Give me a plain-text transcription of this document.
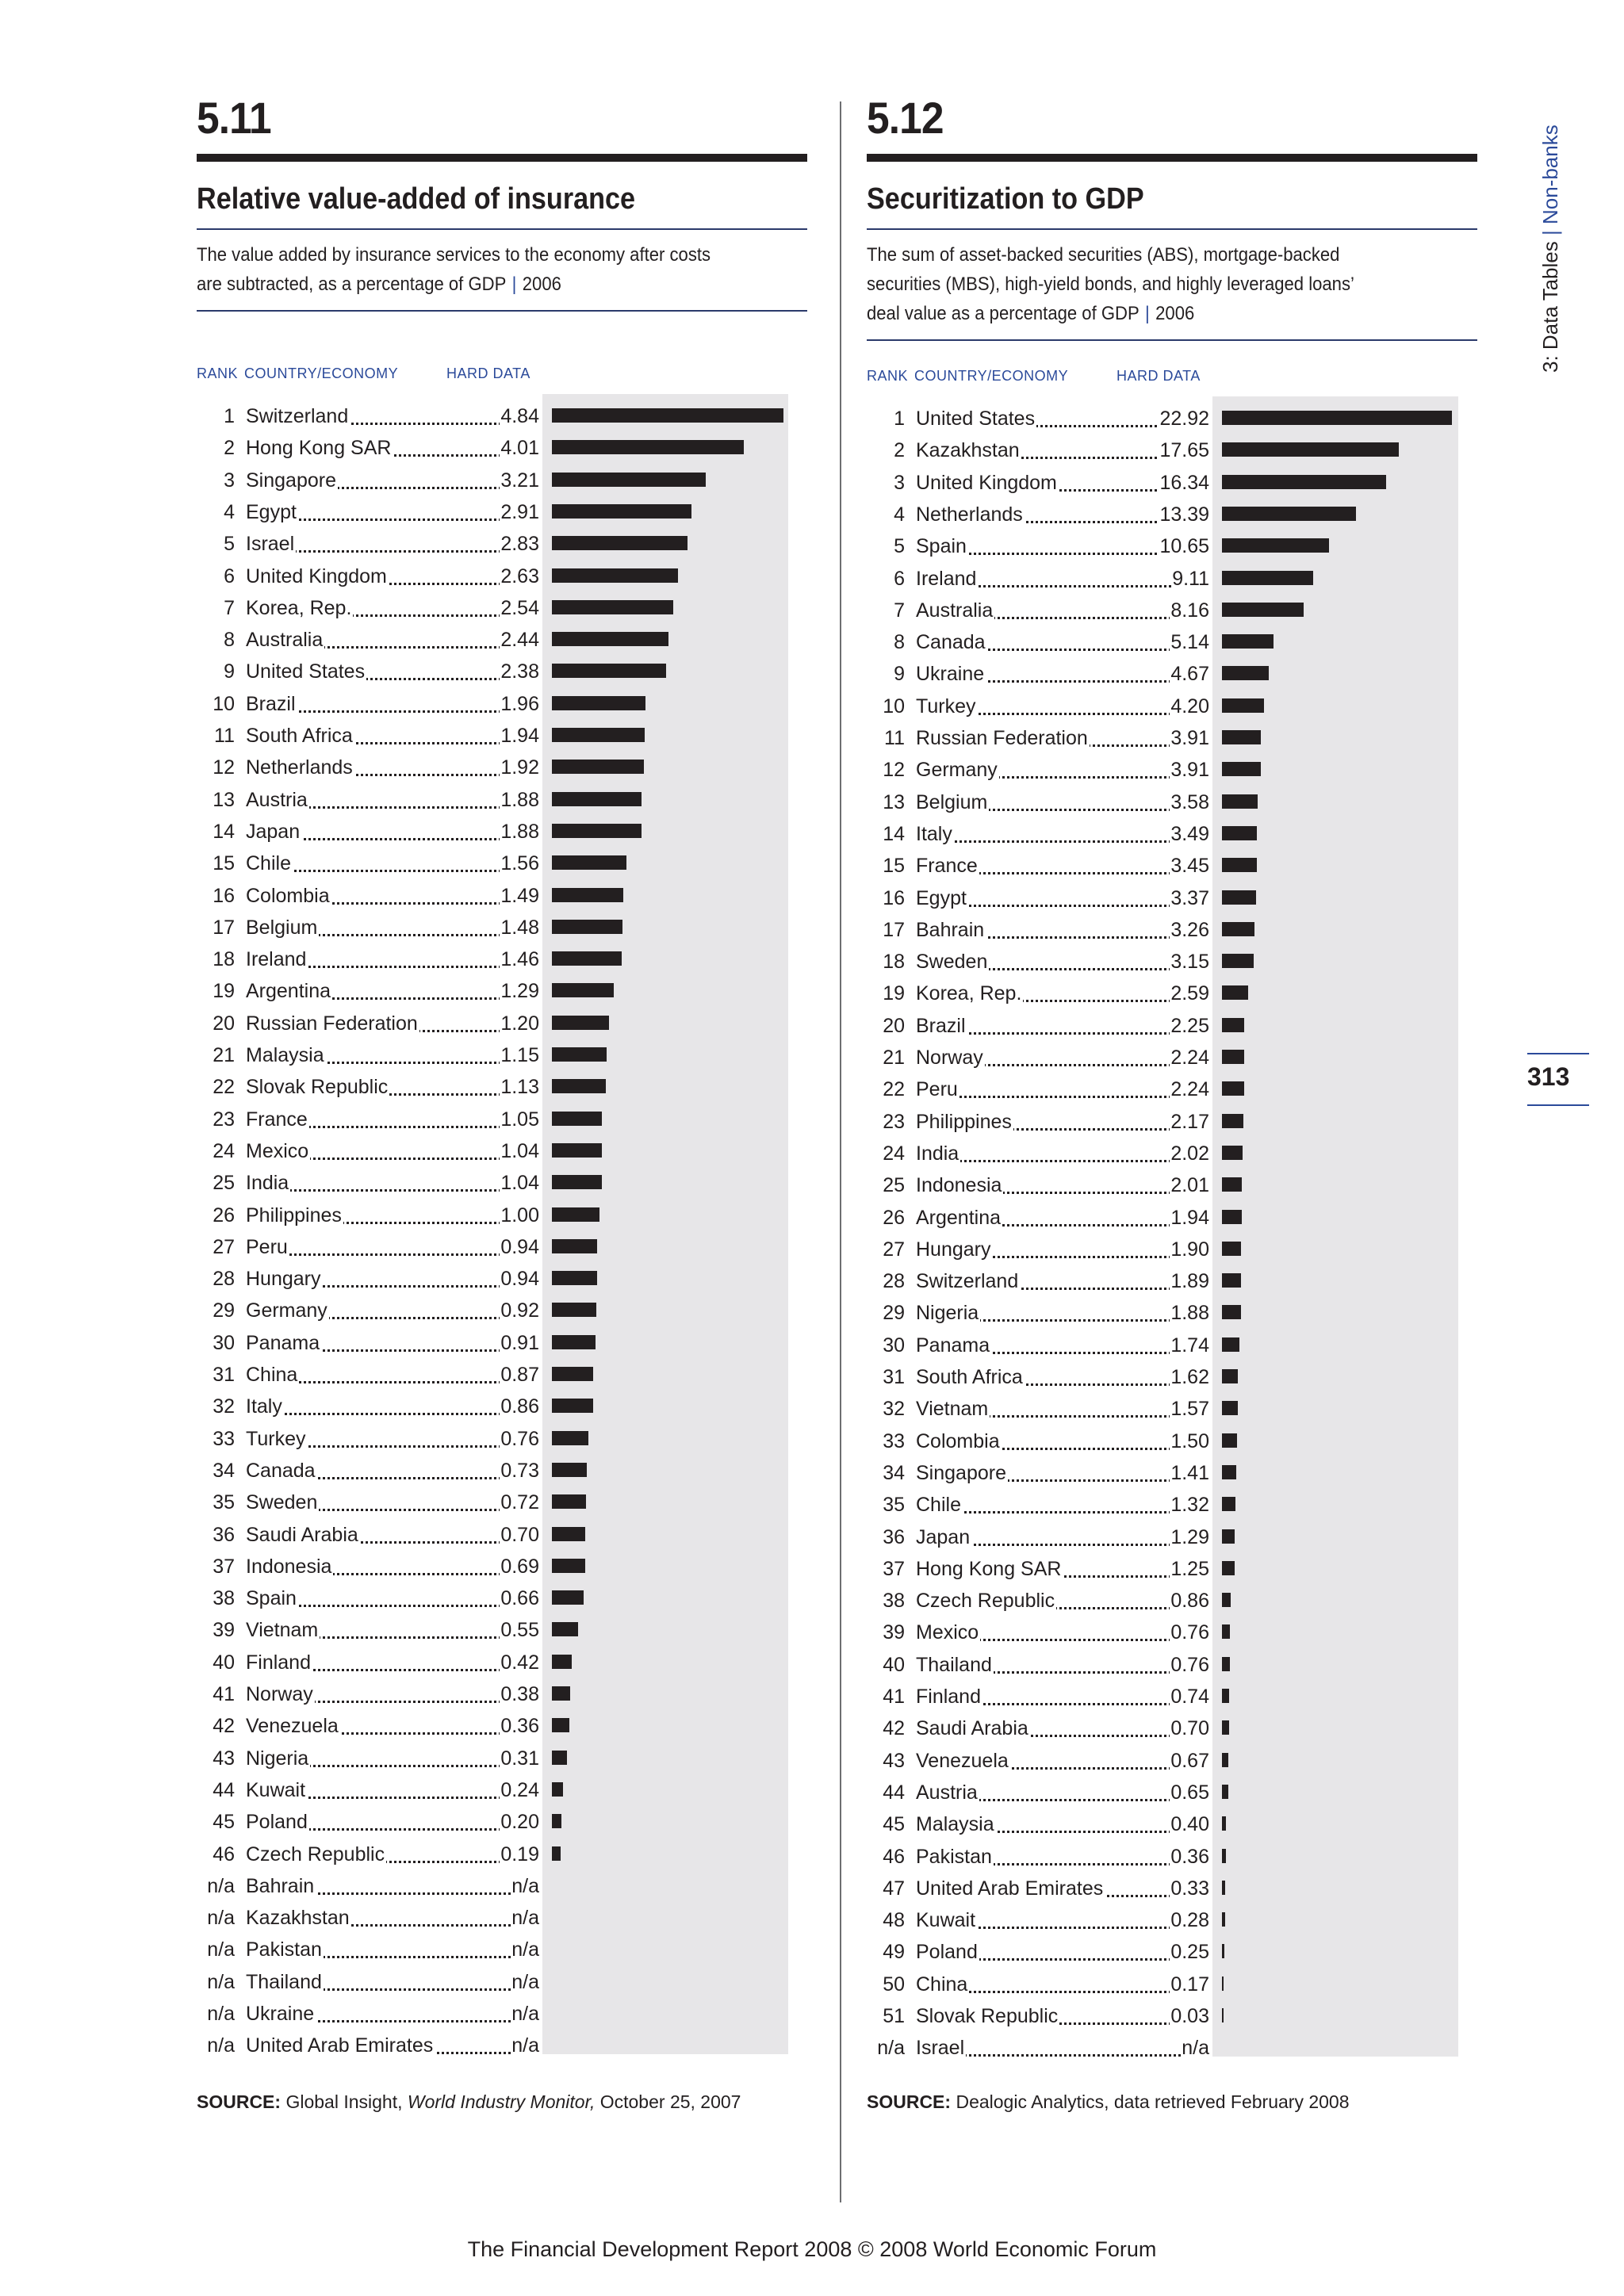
5.11
Relative value-added of insurance
The value added by insurance services to the economy after costs
are subtracted, as a percentage of GDP | 2006
RANK COUNTRY/ECONOMY	HARD DATA
1 Switzerland	4.84
2 Hong Kong SAR	4.01
3 Singapore	3.21
4 Egypt	2.91
5 Israel	2.83
6 United Kingdom	2.63
7 Korea, Rep.	2.54
8 Australia	2.44
9 United States	2.38
10 Brazil	1.96
11 South Africa	1.94
12 Netherlands	1.92
13 Austria	1.88
14 Japan	1.88
15 Chile	1.56
16 Colombia	1.49
17 Belgium	1.48
18 Ireland	1.46
19 Argentina	1.29
20 Russian Federation	1.20
21 Malaysia	1.15
22 Slovak Republic	1.13
23 France	1.05
24 Mexico	1.04
25 India	1.04
26 Philippines	1.00
27 Peru	0.94
28 Hungary	0.94
29 Germany	0.92
30 Panama	0.91
31 China	0.87
32 Italy	0.86
33 Turkey	0.76
34 Canada	0.73
35 Sweden	0.72
36 Saudi Arabia	0.70
37 Indonesia	0.69
38 Spain	0.66
39 Vietnam	0.55
40 Finland	0.42
41 Norway	0.38
42 Venezuela	0.36
43 Nigeria	0.31
44 Kuwait	0.24
45 Poland	0.20
46 Czech Republic	0.19
n/a Bahrain	n/a
n/a Kazakhstan	n/a
n/a Pakistan	n/a
n/a Thailand	n/a
n/a Ukraine	n/a
n/a United Arab Emirates	n/a
SOURCE: Global Insight, World Industry Monitor, October 25, 2007
5.12
Securitization to GDP
The sum of asset-backed securities (ABS), mortgage-backed
securities (MBS), high-yield bonds, and highly leveraged loans’
deal value as a percentage of GDP | 2006
RANK COUNTRY/ECONOMY	HARD DATA
1 United States	22.92
2 Kazakhstan	17.65
3 United Kingdom	16.34
4 Netherlands	13.39
5 Spain	10.65
6 Ireland	9.11
7 Australia	8.16
8 Canada	5.14
9 Ukraine	4.67
10 Turkey	4.20
11 Russian Federation	3.91
12 Germany	3.91
13 Belgium	3.58
14 Italy	3.49
15 France	3.45
16 Egypt	3.37
17 Bahrain	3.26
18 Sweden	3.15
19 Korea, Rep.	2.59
20 Brazil	2.25
21 Norway	2.24
22 Peru	2.24
23 Philippines	2.17
24 India	2.02
25 Indonesia	2.01
26 Argentina	1.94
27 Hungary	1.90
28 Switzerland	1.89
29 Nigeria	1.88
30 Panama	1.74
31 South Africa	1.62
32 Vietnam	1.57
33 Colombia	1.50
34 Singapore	1.41
35 Chile	1.32
36 Japan	1.29
37 Hong Kong SAR	1.25
38 Czech Republic	0.86
39 Mexico	0.76
40 Thailand	0.76
41 Finland	0.74
42 Saudi Arabia	0.70
43 Venezuela	0.67
44 Austria	0.65
45 Malaysia	0.40
46 Pakistan	0.36
47 United Arab Emirates	0.33
48 Kuwait	0.28
49 Poland	0.25
50 China	0.17
51 Slovak Republic	0.03
n/a Israel	n/a
SOURCE: Dealogic Analytics, data retrieved February 2008
3: Data Tables | Non-banks
313
The Financial Development Report 2008 © 2008 World Economic Forum
